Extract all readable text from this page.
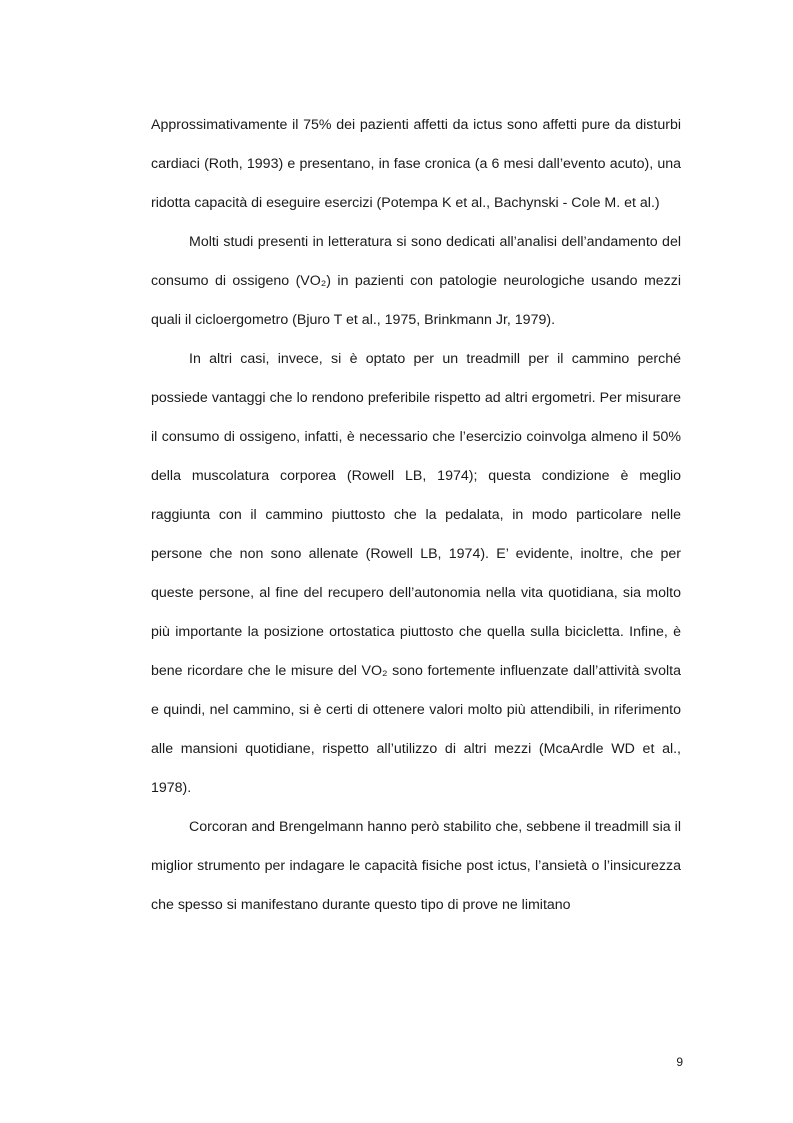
Approssimativamente il 75% dei pazienti affetti da ictus sono affetti pure da disturbi cardiaci (Roth, 1993) e presentano, in fase cronica (a 6 mesi dall’evento acuto), una ridotta capacità di eseguire esercizi (Potempa K et al., Bachynski - Cole M. et al.)

Molti studi presenti in letteratura si sono dedicati all’analisi dell’andamento del consumo di ossigeno (VO₂) in pazienti con patologie neurologiche usando mezzi quali il cicloergometro (Bjuro T et al., 1975, Brinkmann Jr, 1979).

In altri casi, invece, si è optato per un treadmill per il cammino perché possiede vantaggi che lo rendono preferibile rispetto ad altri ergometri. Per misurare il consumo di ossigeno, infatti, è necessario che l’esercizio coinvolga almeno il 50% della muscolatura corporea (Rowell LB, 1974); questa condizione è meglio raggiunta con il cammino piuttosto che la pedalata, in modo particolare nelle persone che non sono allenate (Rowell LB, 1974). E’ evidente, inoltre, che per queste persone, al fine del recupero dell’autonomia nella vita quotidiana, sia molto più importante la posizione ortostatica piuttosto che quella sulla bicicletta. Infine, è bene ricordare che le misure del VO₂ sono fortemente influenzate dall’attività svolta e quindi, nel cammino, si è certi di ottenere valori molto più attendibili, in riferimento alle mansioni quotidiane, rispetto all’utilizzo di altri mezzi (McaArdle WD et al., 1978).

Corcoran and Brengelmann hanno però stabilito che, sebbene il treadmill sia il miglior strumento per indagare le capacità fisiche post ictus, l’ansietà o l’insicurezza che spesso si manifestano durante questo tipo di prove ne limitano

9
